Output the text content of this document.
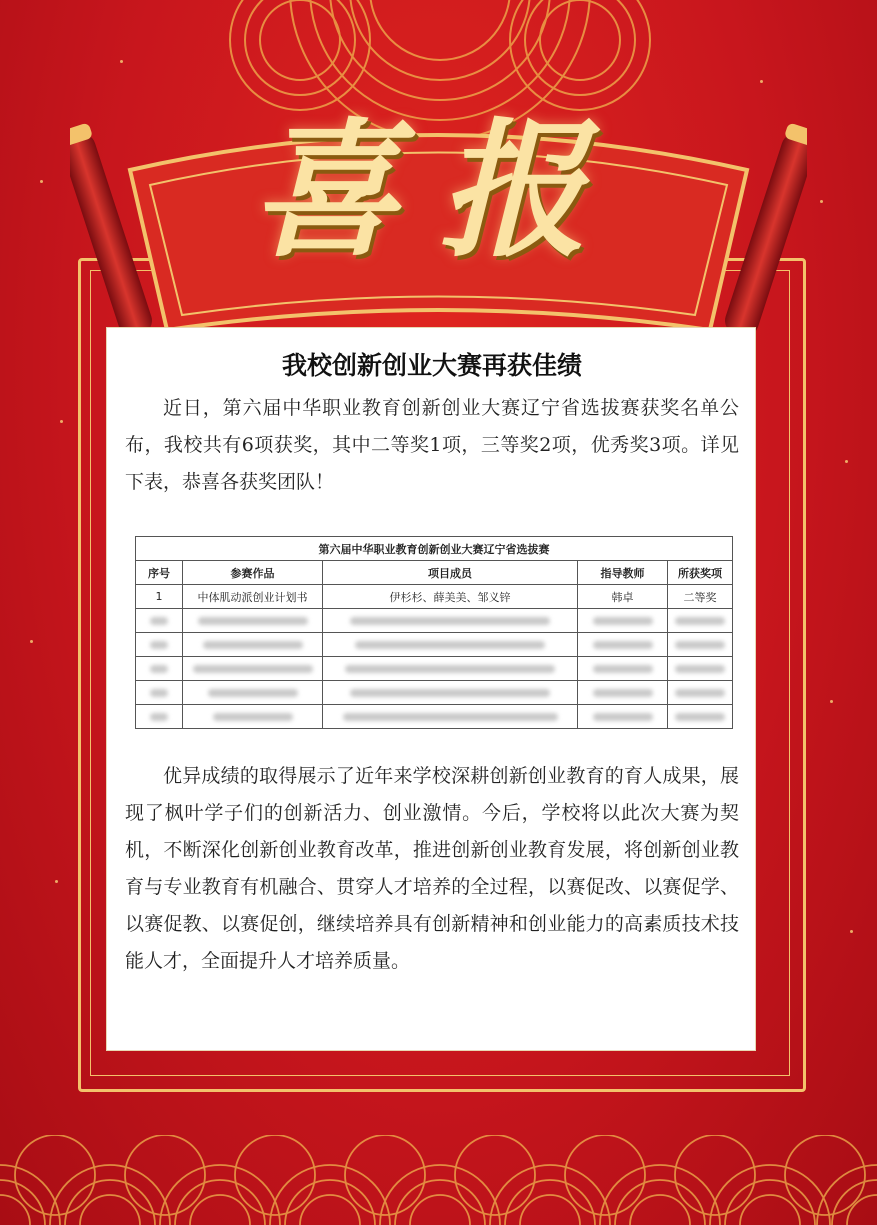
喜报
我校创新创业大赛再获佳绩
近日，第六届中华职业教育创新创业大赛辽宁省选拔赛获奖名单公布，我校共有6项获奖，其中二等奖1项，三等奖2项，优秀奖3项。详见下表，恭喜各获奖团队！
第六届中华职业教育创新创业大赛辽宁省选拔赛				
序号	参赛作品	项目成员	指导教师	所获奖项
1	中体肌动派创业计划书	伊杉杉、薛美美、邹义锌	韩卓	二等奖

优异成绩的取得展示了近年来学校深耕创新创业教育的育人成果，展现了枫叶学子们的创新活力、创业激情。今后，学校将以此次大赛为契机，不断深化创新创业教育改革，推进创新创业教育发展，将创新创业教育与专业教育有机融合、贯穿人才培养的全过程，以赛促改、以赛促学、以赛促教、以赛促创，继续培养具有创新精神和创业能力的高素质技术技能人才，全面提升人才培养质量。
